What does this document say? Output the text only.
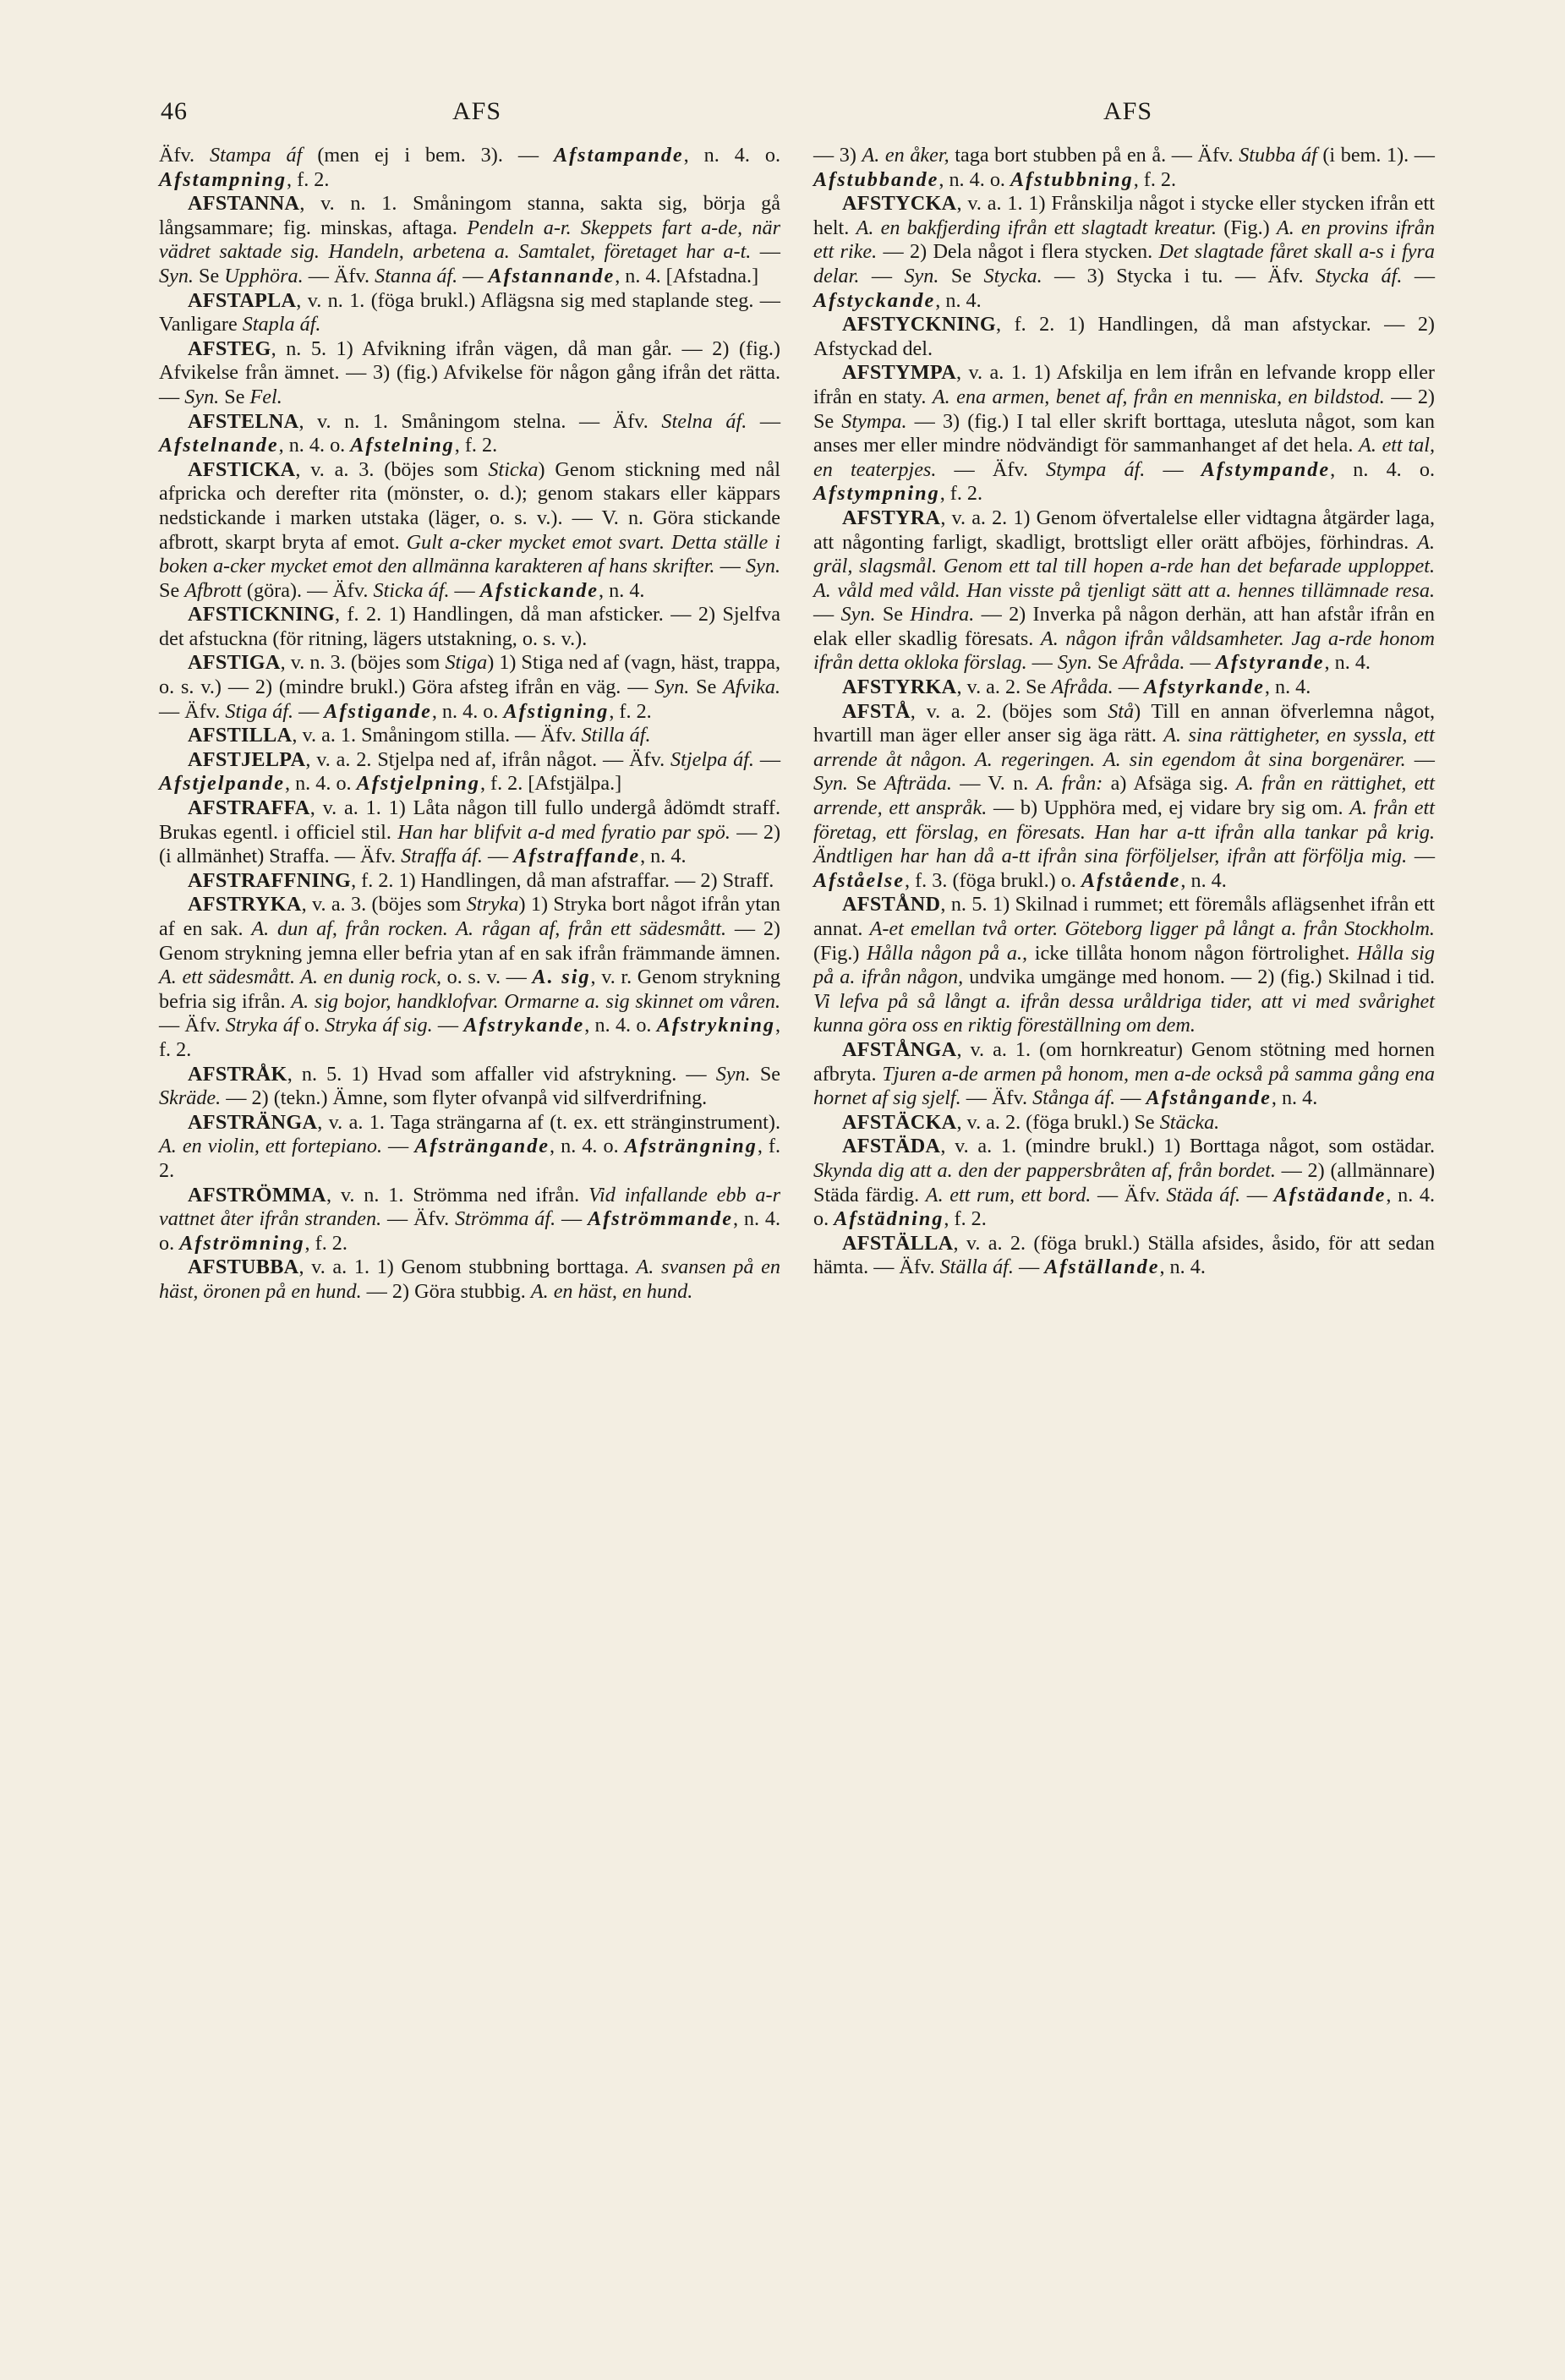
46	AFS	AFS

Äfv. Stampa áf (men ej i bem. 3). — Afstampande, n. 4. o. Afstampning, f. 2.

AFSTANNA, v. n. 1. Småningom stanna, sakta sig, börja gå långsammare; fig. minskas, aftaga. Pendeln a-r. Skeppets fart a-de, när vädret saktade sig. Handeln, arbetena a. Samtalet, företaget har a-t. — Syn. Se Upphöra. — Äfv. Stanna áf. — Afstannande, n. 4. [Afstadna.]

AFSTAPLA, v. n. 1. (föga brukl.) Aflägsna sig med staplande steg. — Vanligare Stapla áf.

AFSTEG, n. 5. 1) Afvikning ifrån vägen, då man går. — 2) (fig.) Afvikelse från ämnet. — 3) (fig.) Afvikelse för någon gång ifrån det rätta. — Syn. Se Fel.

AFSTELNA, v. n. 1. Småningom stelna. — Äfv. Stelna áf. — Afstelnande, n. 4. o. Afstelning, f. 2.

AFSTICKA, v. a. 3. (böjes som Sticka) Genom stickning med nål afpricka och derefter rita (mönster, o. d.); genom stakars eller käppars nedstickande i marken utstaka (läger, o. s. v.). — V. n. Göra stickande afbrott, skarpt bryta af emot. Gult a-cker mycket emot svart. Detta ställe i boken a-cker mycket emot den allmänna karakteren af hans skrifter. — Syn. Se Afbrott (göra). — Äfv. Sticka áf. — Afstickande, n. 4.

AFSTICKNING, f. 2. 1) Handlingen, då man afsticker. — 2) Sjelfva det afstuckna (för ritning, lägers utstakning, o. s. v.).

AFSTIGA, v. n. 3. (böjes som Stiga) 1) Stiga ned af (vagn, häst, trappa, o. s. v.) — 2) (mindre brukl.) Göra afsteg ifrån en väg. — Syn. Se Afvika. — Äfv. Stiga áf. — Afstigande, n. 4. o. Afstigning, f. 2.

AFSTILLA, v. a. 1. Småningom stilla. — Äfv. Stilla áf.

AFSTJELPA, v. a. 2. Stjelpa ned af, ifrån något. — Äfv. Stjelpa áf. — Afstjelpande, n. 4. o. Afstjelpning, f. 2. [Afstjälpa.]

AFSTRAFFA, v. a. 1. 1) Låta någon till fullo undergå ådömdt straff. Brukas egentl. i officiel stil. Han har blifvit a-d med fyratio par spö. — 2) (i allmänhet) Straffa. — Äfv. Straffa áf. — Afstraffande, n. 4.

AFSTRAFFNING, f. 2. 1) Handlingen, då man afstraffar. — 2) Straff.

AFSTRYKA, v. a. 3. (böjes som Stryka) 1) Stryka bort något ifrån ytan af en sak. A. dun af, från rocken. A. rågan af, från ett sädesmått. — 2) Genom strykning jemna eller befria ytan af en sak ifrån främmande ämnen. A. ett sädesmått. A. en dunig rock, o. s. v. — A. sig, v. r. Genom strykning befria sig ifrån. A. sig bojor, handklofvar. Ormarne a. sig skinnet om våren. — Äfv. Stryka áf o. Stryka áf sig. — Afstrykande, n. 4. o. Afstrykning, f. 2.

AFSTRÅK, n. 5. 1) Hvad som affaller vid afstrykning. — Syn. Se Skräde. — 2) (tekn.) Ämne, som flyter ofvanpå vid silfverdrifning.

AFSTRÄNGA, v. a. 1. Taga strängarna af (t. ex. ett stränginstrument). A. en violin, ett fortepiano. — Afsträngande, n. 4. o. Afsträngning, f. 2.

AFSTRÖMMA, v. n. 1. Strömma ned ifrån. Vid infallande ebb a-r vattnet åter ifrån stranden. — Äfv. Strömma áf. — Afströmmande, n. 4. o. Afströmning, f. 2.

AFSTUBBA, v. a. 1. 1) Genom stubbning borttaga. A. svansen på en häst, öronen på en hund. — 2) Göra stubbig. A. en häst, en hund.

— 3) A. en åker, taga bort stubben på en å. — Äfv. Stubba áf (i bem. 1). — Afstubbande, n. 4. o. Afstubbning, f. 2.

AFSTYCKA, v. a. 1. 1) Frånskilja något i stycke eller stycken ifrån ett helt. A. en bakfjerding ifrån ett slagtadt kreatur. (Fig.) A. en provins ifrån ett rike. — 2) Dela något i flera stycken. Det slagtade fåret skall a-s i fyra delar. — Syn. Se Stycka. — 3) Stycka i tu. — Äfv. Stycka áf. — Afstyckande, n. 4.

AFSTYCKNING, f. 2. 1) Handlingen, då man afstyckar. — 2) Afstyckad del.

AFSTYMPA, v. a. 1. 1) Afskilja en lem ifrån en lefvande kropp eller ifrån en staty. A. ena armen, benet af, från en menniska, en bildstod. — 2) Se Stympa. — 3) (fig.) I tal eller skrift borttaga, utesluta något, som kan anses mer eller mindre nödvändigt för sammanhanget af det hela. A. ett tal, en teaterpjes. — Äfv. Stympa áf. — Afstympande, n. 4. o. Afstympning, f. 2.

AFSTYRA, v. a. 2. 1) Genom öfvertalelse eller vidtagna åtgärder laga, att någonting farligt, skadligt, brottsligt eller orätt afböjes, förhindras. A. gräl, slagsmål. Genom ett tal till hopen a-rde han det befarade upploppet. A. våld med våld. Han visste på tjenligt sätt att a. hennes tillämnade resa. — Syn. Se Hindra. — 2) Inverka på någon derhän, att han afstår ifrån en elak eller skadlig föresats. A. någon ifrån våldsamheter. Jag a-rde honom ifrån detta okloka förslag. — Syn. Se Afråda. — Afstyrande, n. 4.

AFSTYRKA, v. a. 2. Se Afråda. — Afstyrkande, n. 4.

AFSTÅ, v. a. 2. (böjes som Stå) Till en annan öfverlemna något, hvartill man äger eller anser sig äga rätt. A. sina rättigheter, en syssla, ett arrende åt någon. A. regeringen. A. sin egendom åt sina borgenärer. — Syn. Se Afträda. — V. n. A. från: a) Afsäga sig. A. från en rättighet, ett arrende, ett anspråk. — b) Upphöra med, ej vidare bry sig om. A. från ett företag, ett förslag, en föresats. Han har a-tt ifrån alla tankar på krig. Ändtligen har han då a-tt ifrån sina förföljelser, ifrån att förfölja mig. — Afståelse, f. 3. (föga brukl.) o. Afstående, n. 4.

AFSTÅND, n. 5. 1) Skilnad i rummet; ett föremåls aflägsenhet ifrån ett annat. A-et emellan två orter. Göteborg ligger på långt a. från Stockholm. (Fig.) Hålla någon på a., icke tillåta honom någon förtrolighet. Hålla sig på a. ifrån någon, undvika umgänge med honom. — 2) (fig.) Skilnad i tid. Vi lefva på så långt a. ifrån dessa uråldriga tider, att vi med svårighet kunna göra oss en riktig föreställning om dem.

AFSTÅNGA, v. a. 1. (om hornkreatur) Genom stötning med hornen afbryta. Tjuren a-de armen på honom, men a-de också på samma gång ena hornet af sig sjelf. — Äfv. Stånga áf. — Afstångande, n. 4.

AFSTÄCKA, v. a. 2. (föga brukl.) Se Stäcka.

AFSTÄDA, v. a. 1. (mindre brukl.) 1) Borttaga något, som ostädar. Skynda dig att a. den der pappersbråten af, från bordet. — 2) (allmännare) Städa färdig. A. ett rum, ett bord. — Äfv. Städa áf. — Afstädande, n. 4. o. Afstädning, f. 2.

AFSTÄLLA, v. a. 2. (föga brukl.) Ställa afsides, åsido, för att sedan hämta. — Äfv. Ställa áf. — Afställande, n. 4.
